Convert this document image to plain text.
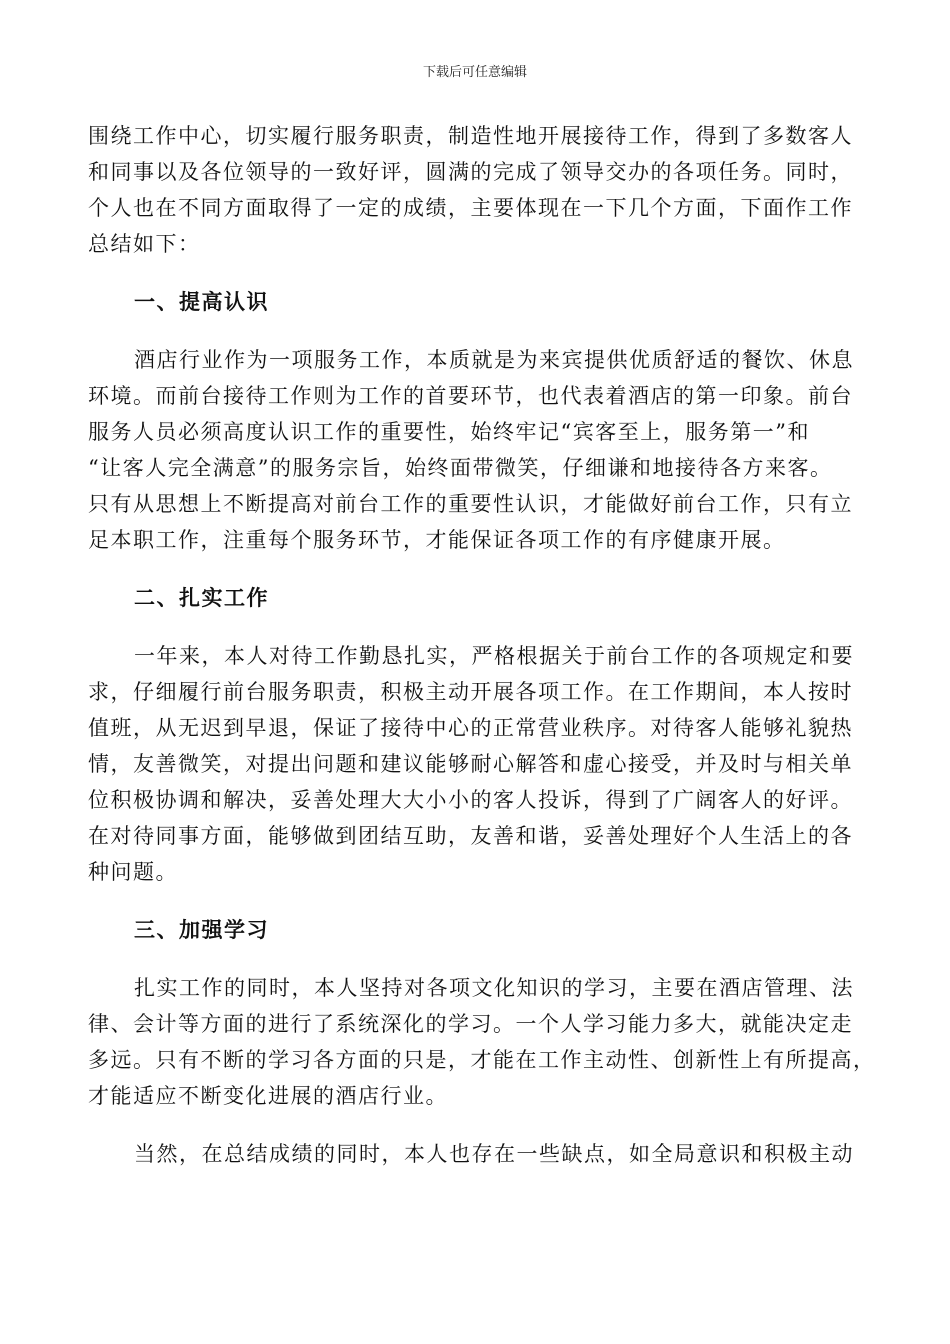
下载后可任意编辑

围绕工作中心，切实履行服务职责，制造性地开展接待工作，得到了多数客人
和同事以及各位领导的一致好评，圆满的完成了领导交办的各项任务。同时，
个人也在不同方面取得了一定的成绩，主要体现在一下几个方面，下面作工作
总结如下：

一、提高认识

酒店行业作为一项服务工作，本质就是为来宾提供优质舒适的餐饮、休息
环境。而前台接待工作则为工作的首要环节，也代表着酒店的第一印象。前台
服务人员必须高度认识工作的重要性，始终牢记“宾客至上，服务第一”和
“让客人完全满意”的服务宗旨，始终面带微笑，仔细谦和地接待各方来客。
只有从思想上不断提高对前台工作的重要性认识，才能做好前台工作，只有立
足本职工作，注重每个服务环节，才能保证各项工作的有序健康开展。

二、扎实工作

一年来，本人对待工作勤恳扎实，严格根据关于前台工作的各项规定和要
求，仔细履行前台服务职责，积极主动开展各项工作。在工作期间，本人按时
值班，从无迟到早退，保证了接待中心的正常营业秩序。对待客人能够礼貌热
情，友善微笑，对提出问题和建议能够耐心解答和虚心接受，并及时与相关单
位积极协调和解决，妥善处理大大小小的客人投诉，得到了广阔客人的好评。
在对待同事方面，能够做到团结互助，友善和谐，妥善处理好个人生活上的各
种问题。

三、加强学习

扎实工作的同时，本人坚持对各项文化知识的学习，主要在酒店管理、法
律、会计等方面的进行了系统深化的学习。一个人学习能力多大，就能决定走
多远。只有不断的学习各方面的只是，才能在工作主动性、创新性上有所提高，
才能适应不断变化进展的酒店行业。

当然，在总结成绩的同时，本人也存在一些缺点，如全局意识和积极主动
